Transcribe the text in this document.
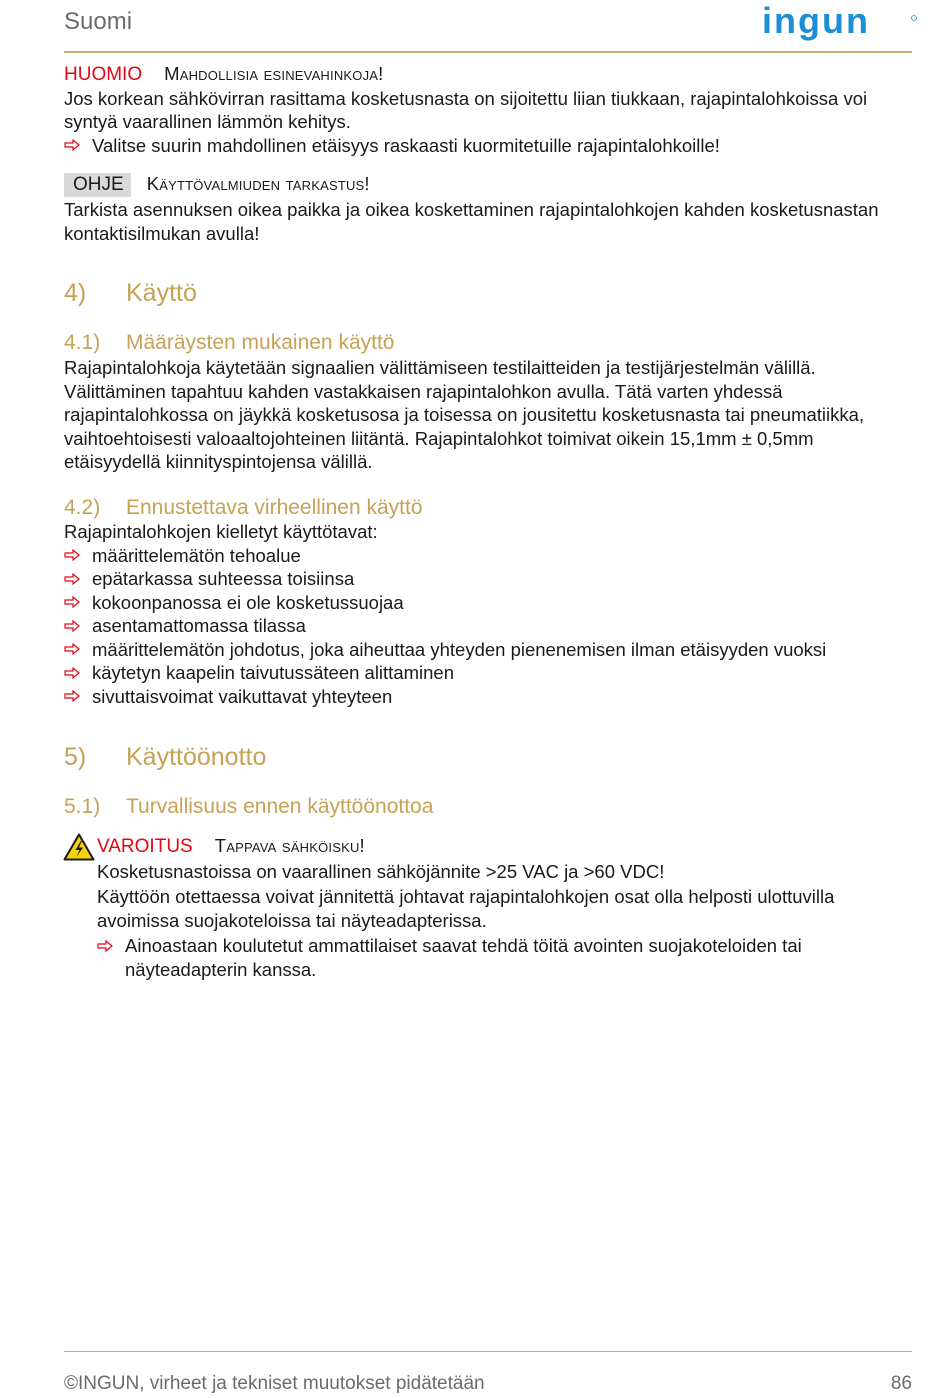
Suomi	ingun
HUOMIO Mahdollisia esinevahinkoja!

Jos korkean sähkövirran rasittama kosketusnasta on sijoitettu liian tiukkaan, rajapintalohkoissa voi syntyä vaarallinen lämmön kehitys.

Valitse suurin mahdollinen etäisyys raskaasti kuormitetuille rajapintalohkoille!
OHJE	Käyttövalmiuden tarkastus!

Tarkista asennuksen oikea paikka ja oikea koskettaminen rajapintalohkojen kahden kosketusnastan kontaktisilmukan avulla!

4) Käyttö
4.1) Määräysten mukainen käyttö

Rajapintalohkoja käytetään signaalien välittämiseen testilaitteiden ja testijärjestelmän välillä. Välittäminen tapahtuu kahden vastakkaisen rajapintalohkon avulla. Tätä varten yhdessä rajapintalohkossa on jäykkä kosketusosa ja toisessa on jousitettu kosketusnasta tai pneumatiikka, vaihtoehtoisesti valoaaltojohteinen liitäntä. Rajapintalohkot toimivat oikein 15,1mm ± 0,5mm etäisyydellä kiinnityspintojensa välillä.

4.2) Ennustettava virheellinen käyttö

Rajapintalohkojen kielletyt käyttötavat:

määrittelemätön tehoalue
epätarkassa suhteessa toisiinsa
kokoonpanossa ei ole kosketussuojaa
asentamattomassa tilassa
määrittelemätön johdotus, joka aiheuttaa yhteyden pienenemisen ilman etäisyyden vuoksi
käytetyn kaapelin taivutussäteen alittaminen
sivuttaisvoimat vaikuttavat yhteyteen
5) Käyttöönotto
5.1) Turvallisuus ennen käyttöönottoa
VAROITUS Tappava sähköisku!

Kosketusnastoissa on vaarallinen sähköjännite >25 VAC ja >60 VDC!

Käyttöön otettaessa voivat jännitettä johtavat rajapintalohkojen osat olla helposti ulottuvilla avoimissa suojakoteloissa tai näyteadapterissa.

Ainoastaan koulutetut ammattilaiset saavat tehdä töitä avointen suojakoteloiden tai näyteadapterin kanssa.
©INGUN, virheet ja tekniset muutokset pidätetään	86
